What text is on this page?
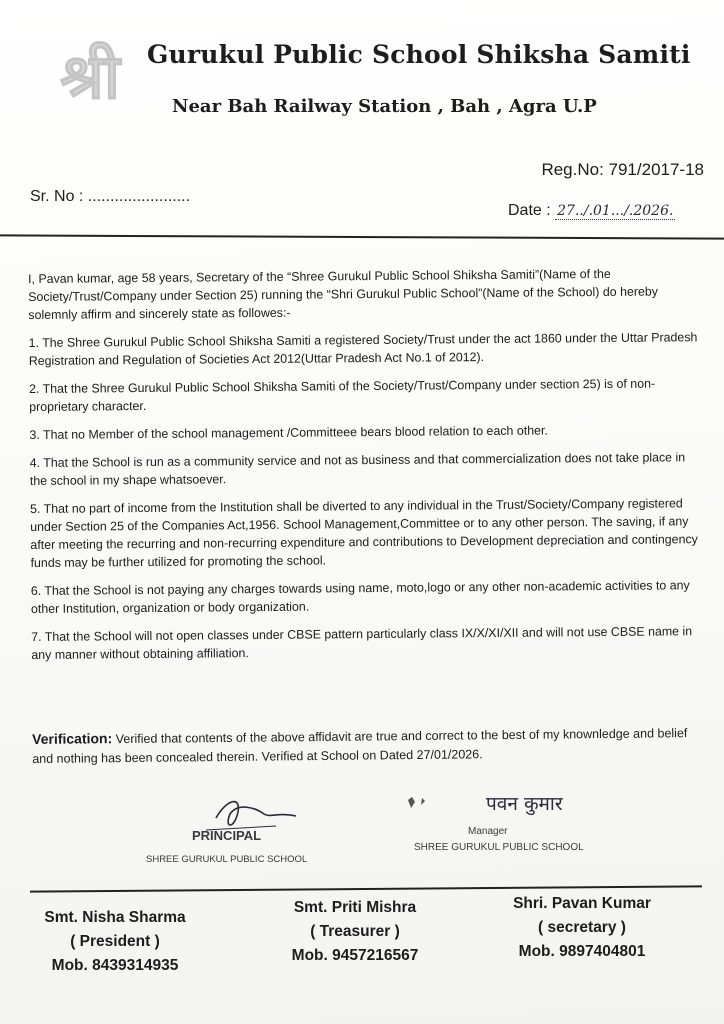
श्री Gurukul Public School Shiksha Samiti
Near Bah Railway Station , Bah , Agra U.P
Reg.No: 791/2017-18
Sr. No : .......................
Date : 27../.01.../.2026.

I, Pavan kumar, age 58 years, Secretary of the “Shree Gurukul Public School Shiksha Samiti”(Name of the Society/Trust/Company under Section 25) running the “Shri Gurukul Public School”(Name of the School) do hereby solemnly affirm and sincerely state as followes:-

1. The Shree Gurukul Public School Shiksha Samiti a registered Society/Trust under the act 1860 under the Uttar Pradesh Registration and Regulation of Societies Act 2012(Uttar Pradesh Act No.1 of 2012).

2. That the Shree Gurukul Public School Shiksha Samiti of the Society/Trust/Company under section 25) is of non-proprietary character.

3. That no Member of the school management /Committeee bears blood relation to each other.

4. That the School is run as a community service and not as business and that commercialization does not take place in the school in my shape whatsoever.

5. That no part of income from the Institution shall be diverted to any individual in the Trust/Society/Company registered under Section 25 of the Companies Act,1956. School Management,Committee or to any other person. The saving, if any after meeting the recurring and non-recurring expenditure and contributions to Development depreciation and contingency funds may be further utilized for promoting the school.

6. That the School is not paying any charges towards using name, moto,logo or any other non-academic activities to any other Institution, organization or body organization.

7. That the School will not open classes under CBSE pattern particularly class IX/X/XI/XII and will not use CBSE name in any manner without obtaining affiliation.

Verification: Verified that contents of the above affidavit are true and correct to the best of my knownledge and belief and nothing has been concealed therein. Verified at School on Dated 27/01/2026.
PRINCIPAL
SHREE GURUKUL PUBLIC SCHOOL
पवन कुमार
Manager
SHREE GURUKUL PUBLIC SCHOOL
Smt. Nisha Sharma
( President )
Mob. 8439314935
Smt. Priti Mishra
( Treasurer )
Mob. 9457216567
Shri. Pavan Kumar
( secretary )
Mob. 9897404801
